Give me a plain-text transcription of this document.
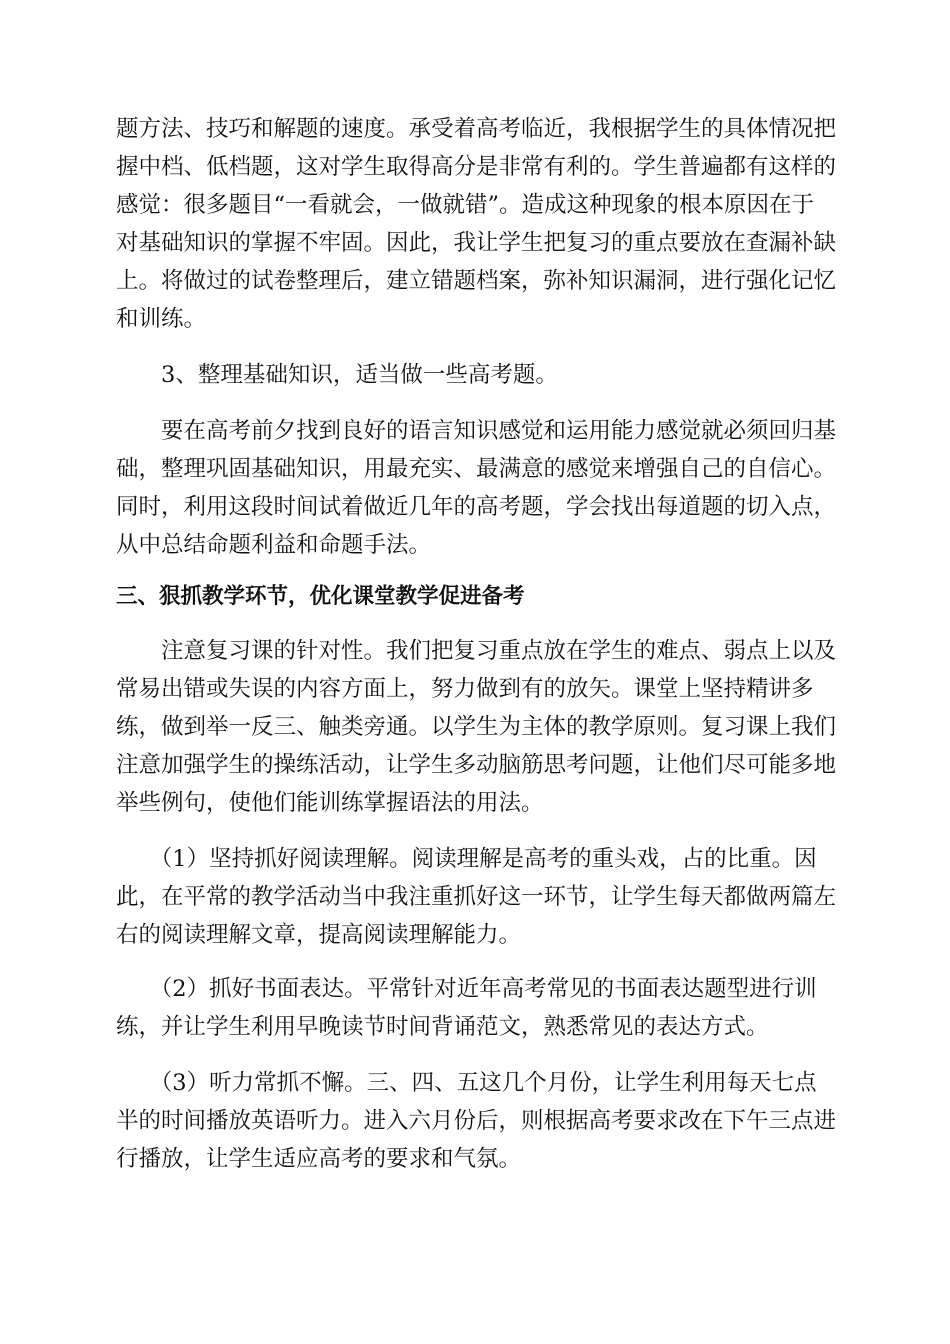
题方法、技巧和解题的速度。承受着高考临近，我根据学生的具体情况把
握中档、低档题，这对学生取得高分是非常有利的。学生普遍都有这样的
感觉：很多题目“一看就会，一做就错”。造成这种现象的根本原因在于
对基础知识的掌握不牢固。因此，我让学生把复习的重点要放在查漏补缺
上。将做过的试卷整理后，建立错题档案，弥补知识漏洞，进行强化记忆
和训练。
　　3、整理基础知识，适当做一些高考题。
　　要在高考前夕找到良好的语言知识感觉和运用能力感觉就必须回归基
础，整理巩固基础知识，用最充实、最满意的感觉来增强自己的自信心。
同时，利用这段时间试着做近几年的高考题，学会找出每道题的切入点，
从中总结命题利益和命题手法。
三、狠抓教学环节，优化课堂教学促进备考
　　注意复习课的针对性。我们把复习重点放在学生的难点、弱点上以及
常易出错或失误的内容方面上，努力做到有的放矢。课堂上坚持精讲多
练，做到举一反三、触类旁通。以学生为主体的教学原则。复习课上我们
注意加强学生的操练活动，让学生多动脑筋思考问题，让他们尽可能多地
举些例句，使他们能训练掌握语法的用法。
　　（1）坚持抓好阅读理解。阅读理解是高考的重头戏，占的比重。因
此，在平常的教学活动当中我注重抓好这一环节，让学生每天都做两篇左
右的阅读理解文章，提高阅读理解能力。
　　（2）抓好书面表达。平常针对近年高考常见的书面表达题型进行训
练，并让学生利用早晚读节时间背诵范文，熟悉常见的表达方式。
　　（3）听力常抓不懈。三、四、五这几个月份，让学生利用每天七点
半的时间播放英语听力。进入六月份后，则根据高考要求改在下午三点进
行播放，让学生适应高考的要求和气氛。
